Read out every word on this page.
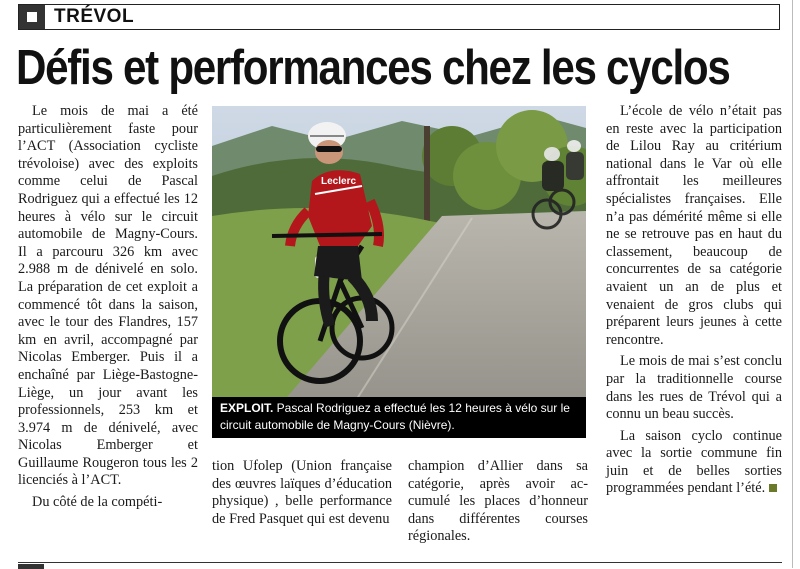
TRÉVOL
Défis et performances chez les cyclos

Le mois de mai a été particulièrement faste pour l’ACT (Association cycliste trévoloise) avec des exploits comme celui de Pascal Rodriguez qui a effectué les 12 heures à vélo sur le circuit automobile de Magny-Cours. Il a parcouru 326 km avec 2.988 m de dénivelé en solo. La préparation de cet exploit a commencé tôt dans la saison, avec le tour des Flandres, 157 km en avril, accompagné par Nicolas Emberger. Puis il a enchaîné par Liège-Bastogne-Liège, un jour avant les professionnels, 253 km et 3.974 m de dénivelé, avec Nicolas Emberger et Guillaume Rougeron tous les 2 licenciés à l’ACT.

Du côté de la compéti-

Leclerc
EXPLOIT. Pascal Rodriguez a effectué les 12 heures à vélo sur le circuit automobile de Magny-Cours (Nièvre).

tion Ufolep (Union française des œuvres laïques d’éducation physique) , belle performance de Fred Pasquet qui est devenu

champion d’Allier dans sa catégorie, après avoir accumulé les places d’honneur dans différentes courses régionales.

L’école de vélo n’était pas en reste avec la participation de Lilou Ray au critérium national dans le Var où elle affrontait les meilleures spécialistes françaises. Elle n’a pas démérité même si elle ne se retrouve pas en haut du classement, beaucoup de concurrentes de sa catégorie avaient un an de plus et venaient de gros clubs qui préparent leurs jeunes à cette rencontre.

Le mois de mai s’est conclu par la traditionnelle course dans les rues de Trévol qui a connu un beau succès.

La saison cyclo continue avec la sortie commune fin juin et de belles sorties programmées pendant l’été.
